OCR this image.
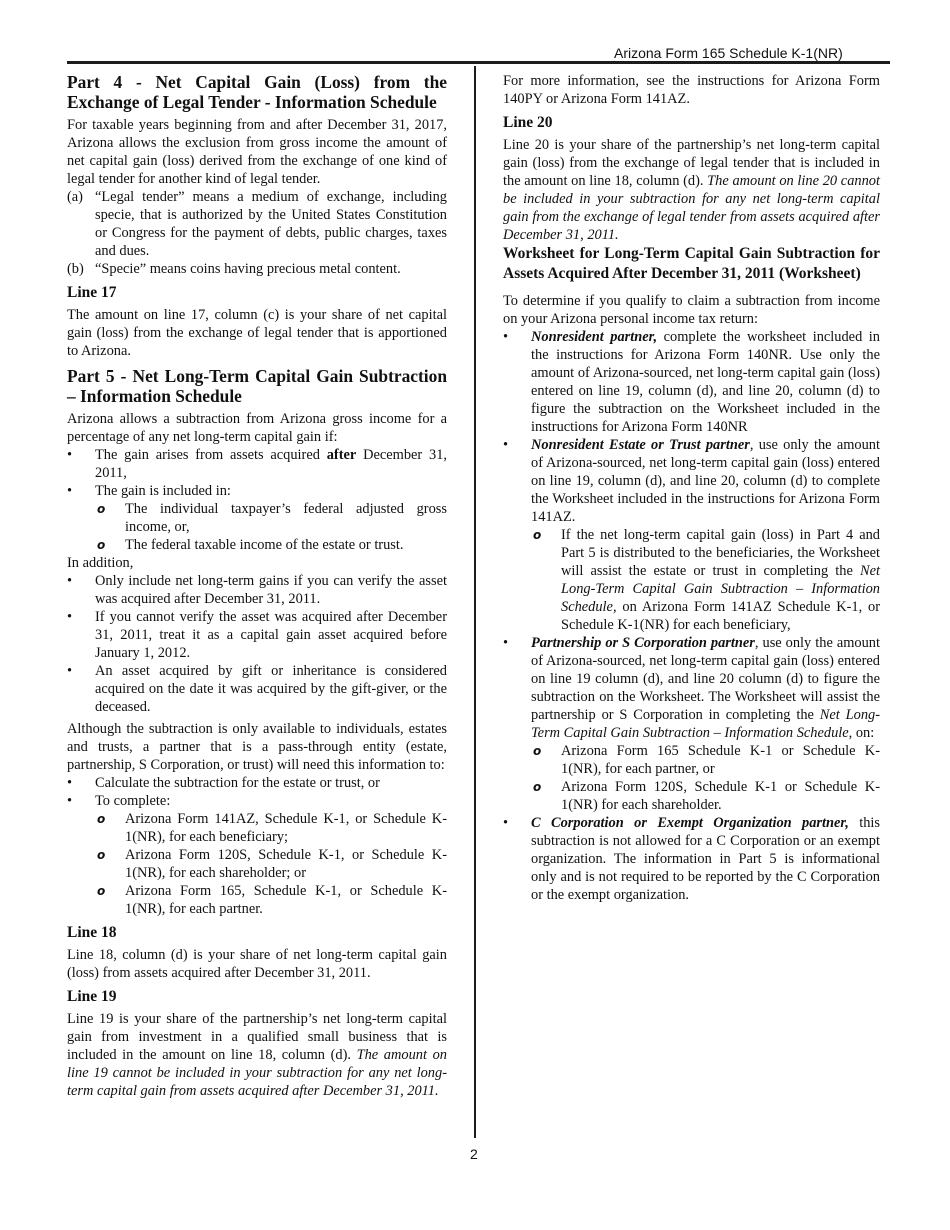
Arizona Form 165 Schedule K-1(NR)
Part 4 - Net Capital Gain (Loss) from the Exchange of Legal Tender - Information Schedule

For taxable years beginning from and after December 31, 2017, Arizona allows the exclusion from gross income the amount of net capital gain (loss) derived from the exchange of one kind of legal tender for another kind of legal tender.

(a) “Legal tender” means a medium of exchange, including specie, that is authorized by the United States Constitution or Congress for the payment of debts, public charges, taxes and dues.
(b) “Specie” means coins having precious metal content.
Line 17

The amount on line 17, column (c) is your share of net capital gain (loss) from the exchange of legal tender that is apportioned to Arizona.

Part 5 - Net Long-Term Capital Gain Subtraction – Information Schedule

Arizona allows a subtraction from Arizona gross income for a percentage of any net long-term capital gain if:

•	The gain arises from assets acquired after December 31, 2011,
•	The gain is included in:
o	The individual taxpayer’s federal adjusted gross income, or,
o	The federal taxable income of the estate or trust.

In addition,

•	Only include net long-term gains if you can verify the asset was acquired after December 31, 2011.
•	If you cannot verify the asset was acquired after December 31, 2011, treat it as a capital gain asset acquired before January 1, 2012.
•	An asset acquired by gift or inheritance is considered acquired on the date it was acquired by the gift-giver, or the deceased.

Although the subtraction is only available to individuals, estates and trusts, a partner that is a pass-through entity (estate, partnership, S Corporation, or trust) will need this information to:

•	Calculate the subtraction for the estate or trust, or
•	To complete:
o	Arizona Form 141AZ, Schedule K-1, or Schedule K-1(NR), for each beneficiary;
o	Arizona Form 120S, Schedule K-1, or Schedule K-1(NR), for each shareholder; or
o	Arizona Form 165, Schedule K-1, or Schedule K-1(NR), for each partner.
Line 18

Line 18, column (d) is your share of net long-term capital gain (loss) from assets acquired after December 31, 2011.

Line 19

Line 19 is your share of the partnership’s net long-term capital gain from investment in a qualified small business that is included in the amount on line 18, column (d). The amount on line 19 cannot be included in your subtraction for any net long-term capital gain from assets acquired after December 31, 2011.

For more information, see the instructions for Arizona Form 140PY or Arizona Form 141AZ.

Line 20

Line 20 is your share of the partnership’s net long-term capital gain (loss) from the exchange of legal tender that is included in the amount on line 18, column (d). The amount on line 20 cannot be included in your subtraction for any net long-term capital gain from the exchange of legal tender from assets acquired after December 31, 2011.

Worksheet for Long-Term Capital Gain Subtraction for Assets Acquired After December 31, 2011 (Worksheet)

To determine if you qualify to claim a subtraction from income on your Arizona personal income tax return:

•	Nonresident partner, complete the worksheet included in the instructions for Arizona Form 140NR. Use only the amount of Arizona-sourced, net long-term capital gain (loss) entered on line 19, column (d), and line 20, column (d) to figure the subtraction on the Worksheet included in the instructions for Arizona Form 140NR
•	Nonresident Estate or Trust partner, use only the amount of Arizona-sourced, net long-term capital gain (loss) entered on line 19, column (d), and line 20, column (d) to complete the Worksheet included in the instructions for Arizona Form 141AZ.
o	If the net long-term capital gain (loss) in Part 4 and Part 5 is distributed to the beneficiaries, the Worksheet will assist the estate or trust in completing the Net Long-Term Capital Gain Subtraction – Information Schedule, on Arizona Form 141AZ Schedule K-1, or Schedule K-1(NR) for each beneficiary,
•	Partnership or S Corporation partner, use only the amount of Arizona-sourced, net long-term capital gain (loss) entered on line 19 column (d), and line 20 column (d) to figure the subtraction on the Worksheet. The Worksheet will assist the partnership or S Corporation in completing the Net Long-Term Capital Gain Subtraction – Information Schedule, on:
o	Arizona Form 165 Schedule K-1 or Schedule K-1(NR), for each partner, or
o	Arizona Form 120S, Schedule K-1 or Schedule K-1(NR) for each shareholder.
•	C Corporation or Exempt Organization partner, this subtraction is not allowed for a C Corporation or an exempt organization. The information in Part 5 is informational only and is not required to be reported by the C Corporation or the exempt organization.
2
